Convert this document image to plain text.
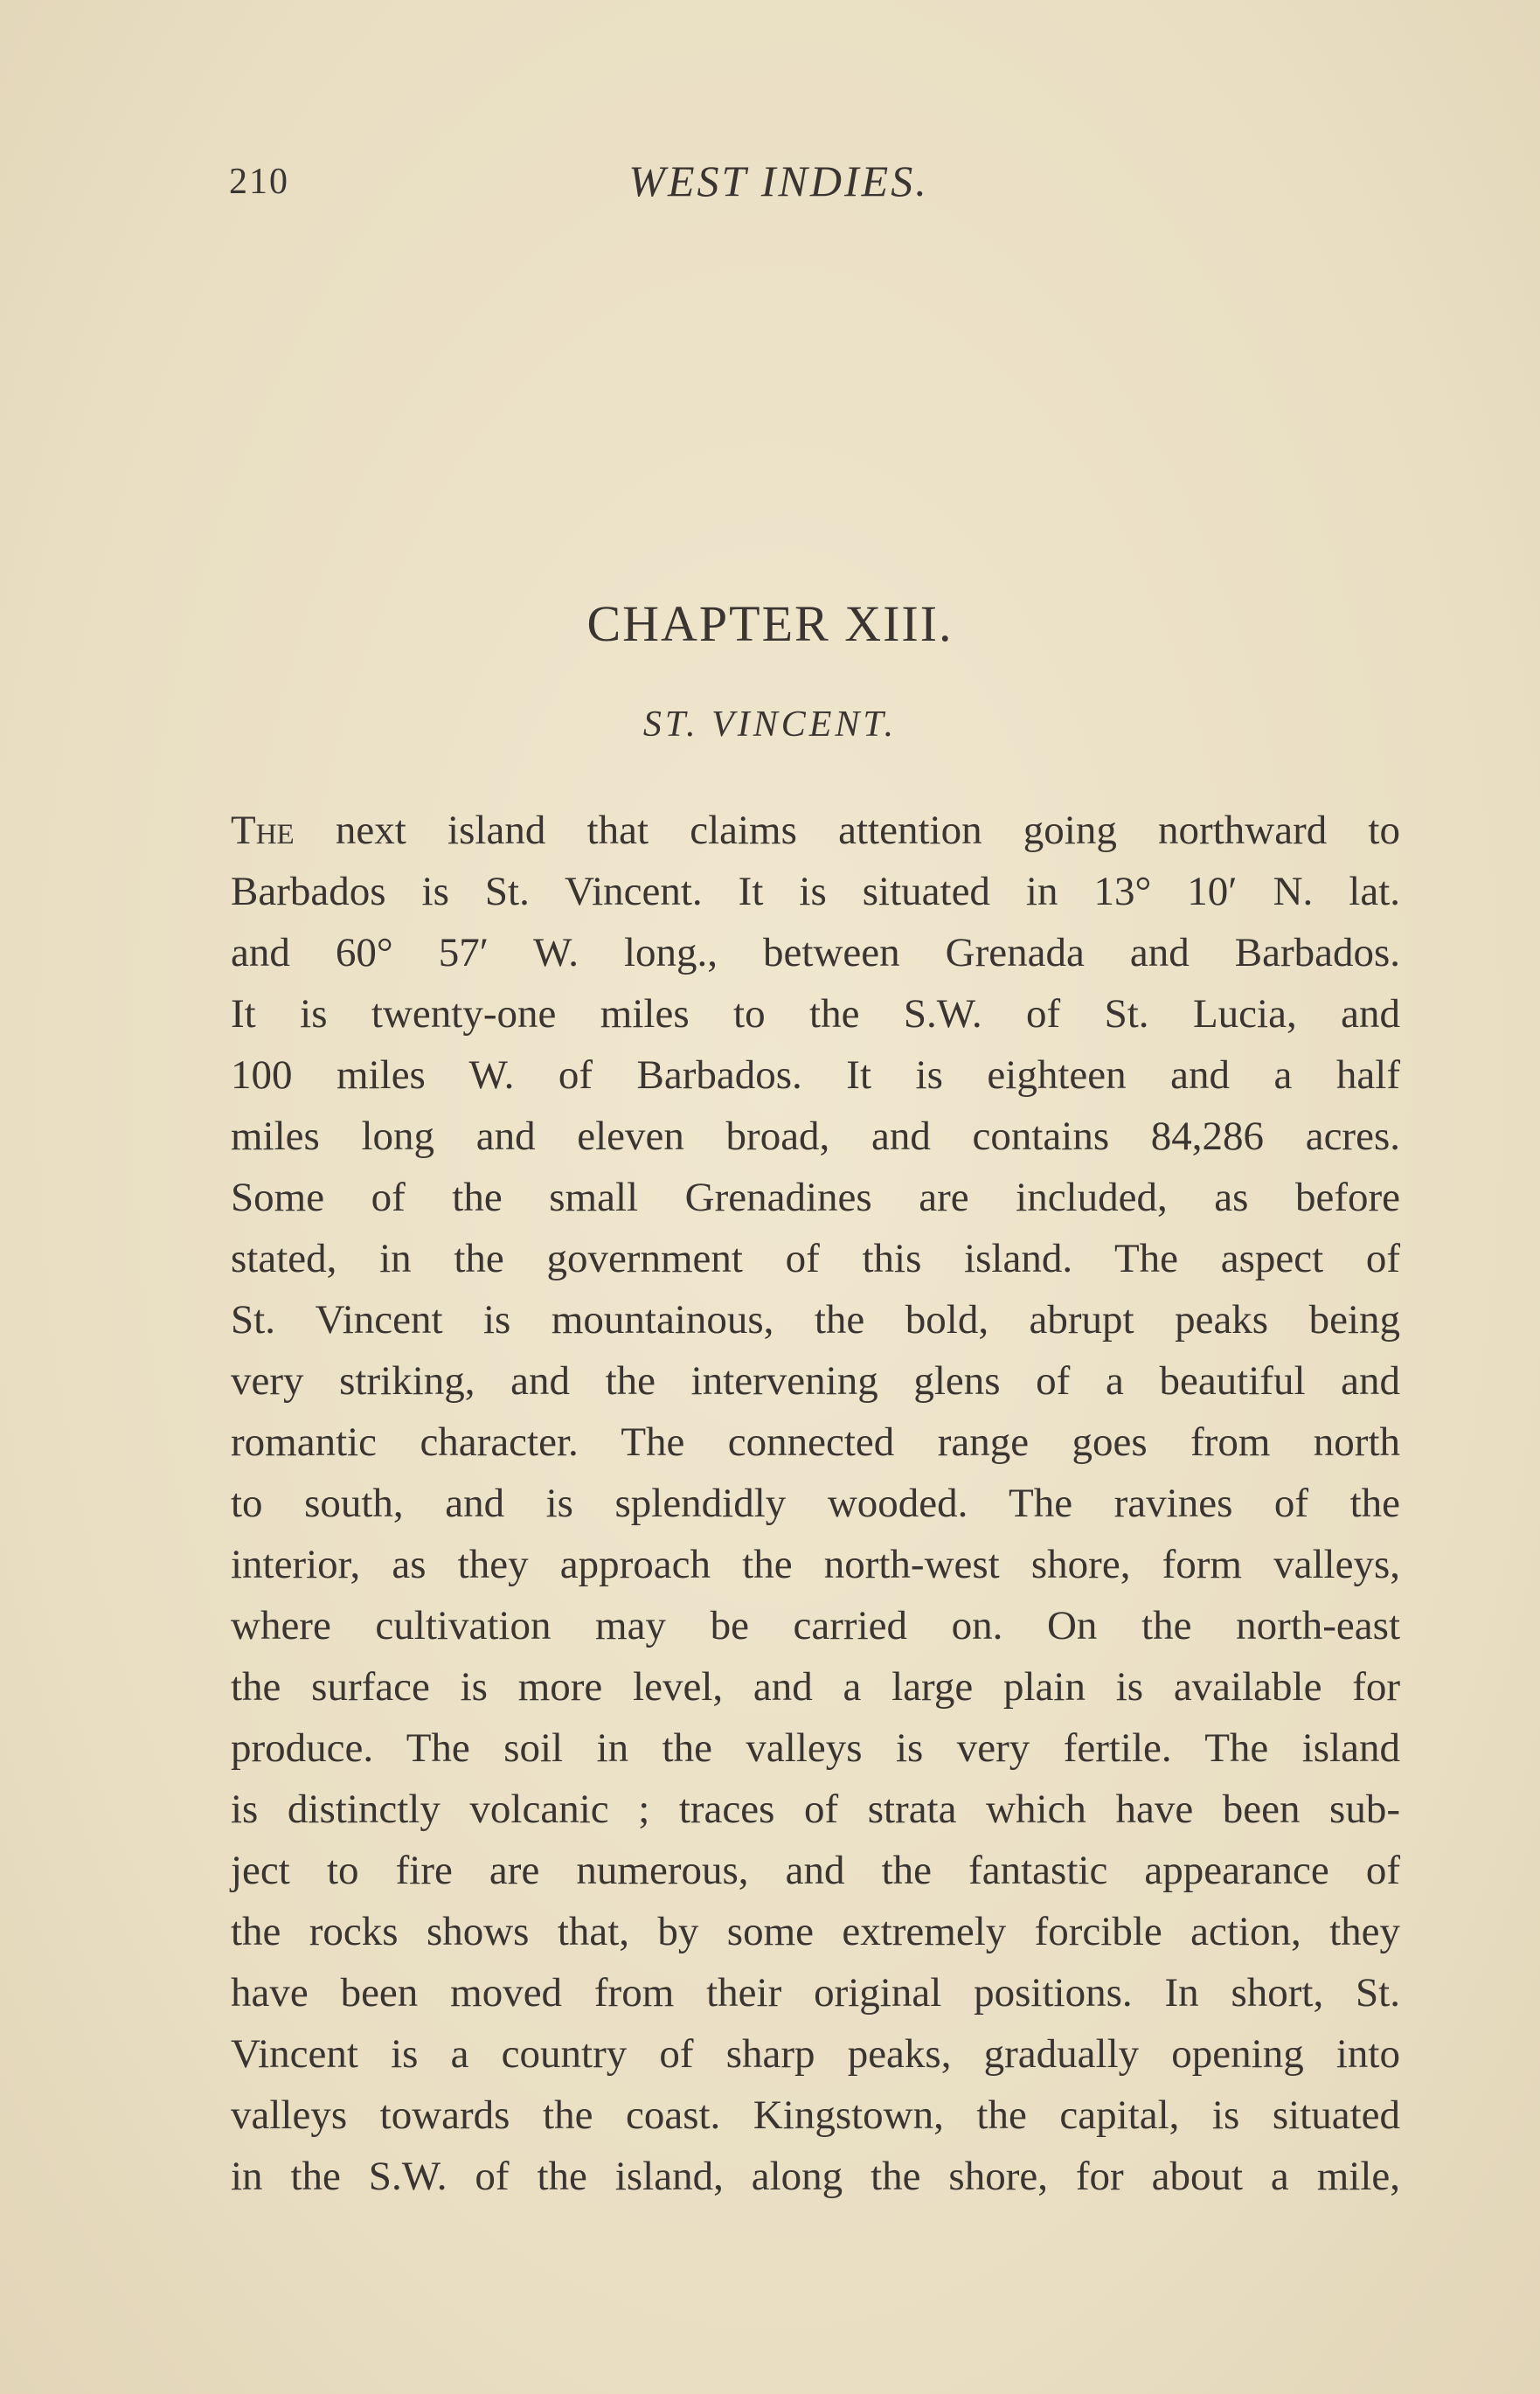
210	WEST INDIES.
CHAPTER XIII.
ST. VINCENT.
The next island that claims attention going northward to
Barbados is St. Vincent. It is situated in 13° 10′ N. lat.
and 60° 57′ W. long., between Grenada and Barbados.
It is twenty-one miles to the S.W. of St. Lucia, and
100 miles W. of Barbados. It is eighteen and a half
miles long and eleven broad, and contains 84,286 acres.
Some of the small Grenadines are included, as before
stated, in the government of this island. The aspect of
St. Vincent is mountainous, the bold, abrupt peaks being
very striking, and the intervening glens of a beautiful and
romantic character. The connected range goes from north
to south, and is splendidly wooded. The ravines of the
interior, as they approach the north-west shore, form valleys,
where cultivation may be carried on. On the north-east
the surface is more level, and a large plain is available for
produce. The soil in the valleys is very fertile. The island
is distinctly volcanic ; traces of strata which have been sub-
ject to fire are numerous, and the fantastic appearance of
the rocks shows that, by some extremely forcible action, they
have been moved from their original positions. In short, St.
Vincent is a country of sharp peaks, gradually opening into
valleys towards the coast. Kingstown, the capital, is situated
in the S.W. of the island, along the shore, for about a mile,
